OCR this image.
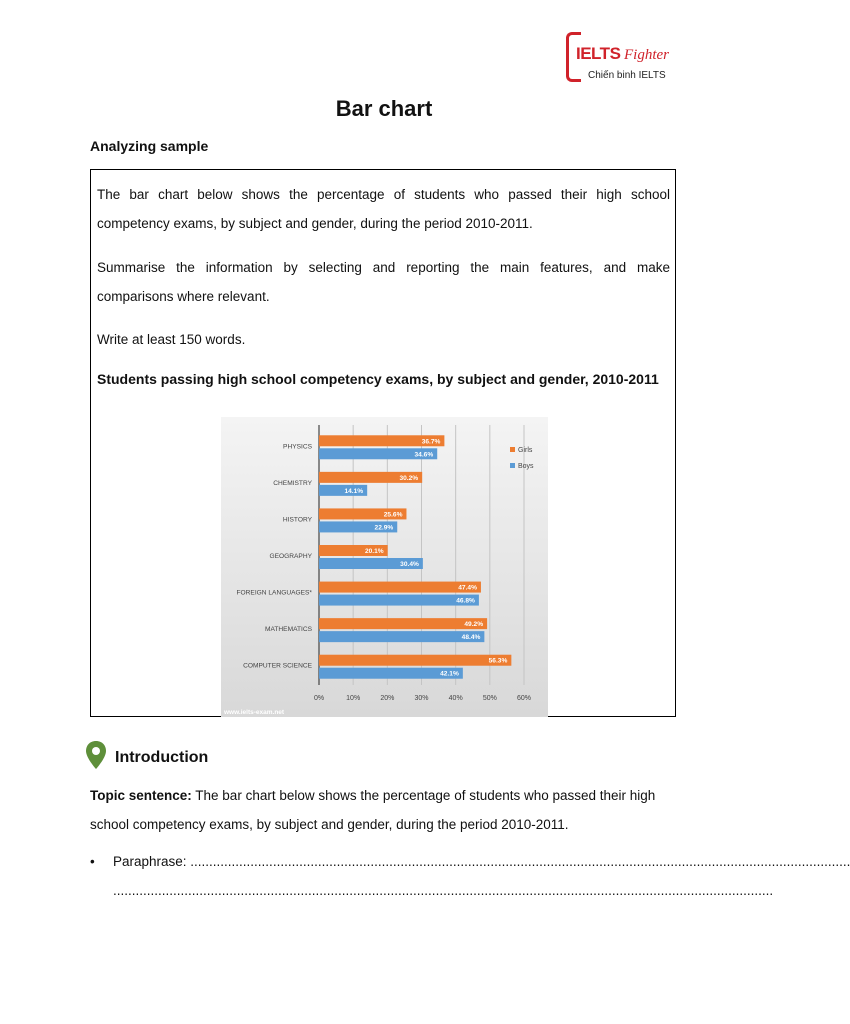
IELTS Fighter
Chiến binh IELTS
Bar chart
Analyzing sample

The bar chart below shows the percentage of students who passed their high school competency exams, by subject and gender, during the period 2010-2011.

Summarise the information by selecting and reporting the main features, and make comparisons where relevant.

Write at least 150 words.

Students passing high school competency exams, by subject and gender, 2010-2011
0%	10%	20%	30%	40%	50%	60%
PHYSICS
36.7%
34.6%
CHEMISTRY
30.2%
14.1%
HISTORY
25.6%
22.9%
GEOGRAPHY
20.1%
30.4%
FOREIGN LANGUAGES*
47.4%
46.8%
MATHEMATICS
49.2%
48.4%
COMPUTER SCIENCE
56.3%
42.1%
Girls
Boys
www.ielts-exam.net
Introduction

Topic sentence: The bar chart below shows the percentage of students who passed their high school competency exams, by subject and gender, during the period 2010-2011.

• Paraphrase: ................................................................................................................................................................................
................................................................................................................................................................................
